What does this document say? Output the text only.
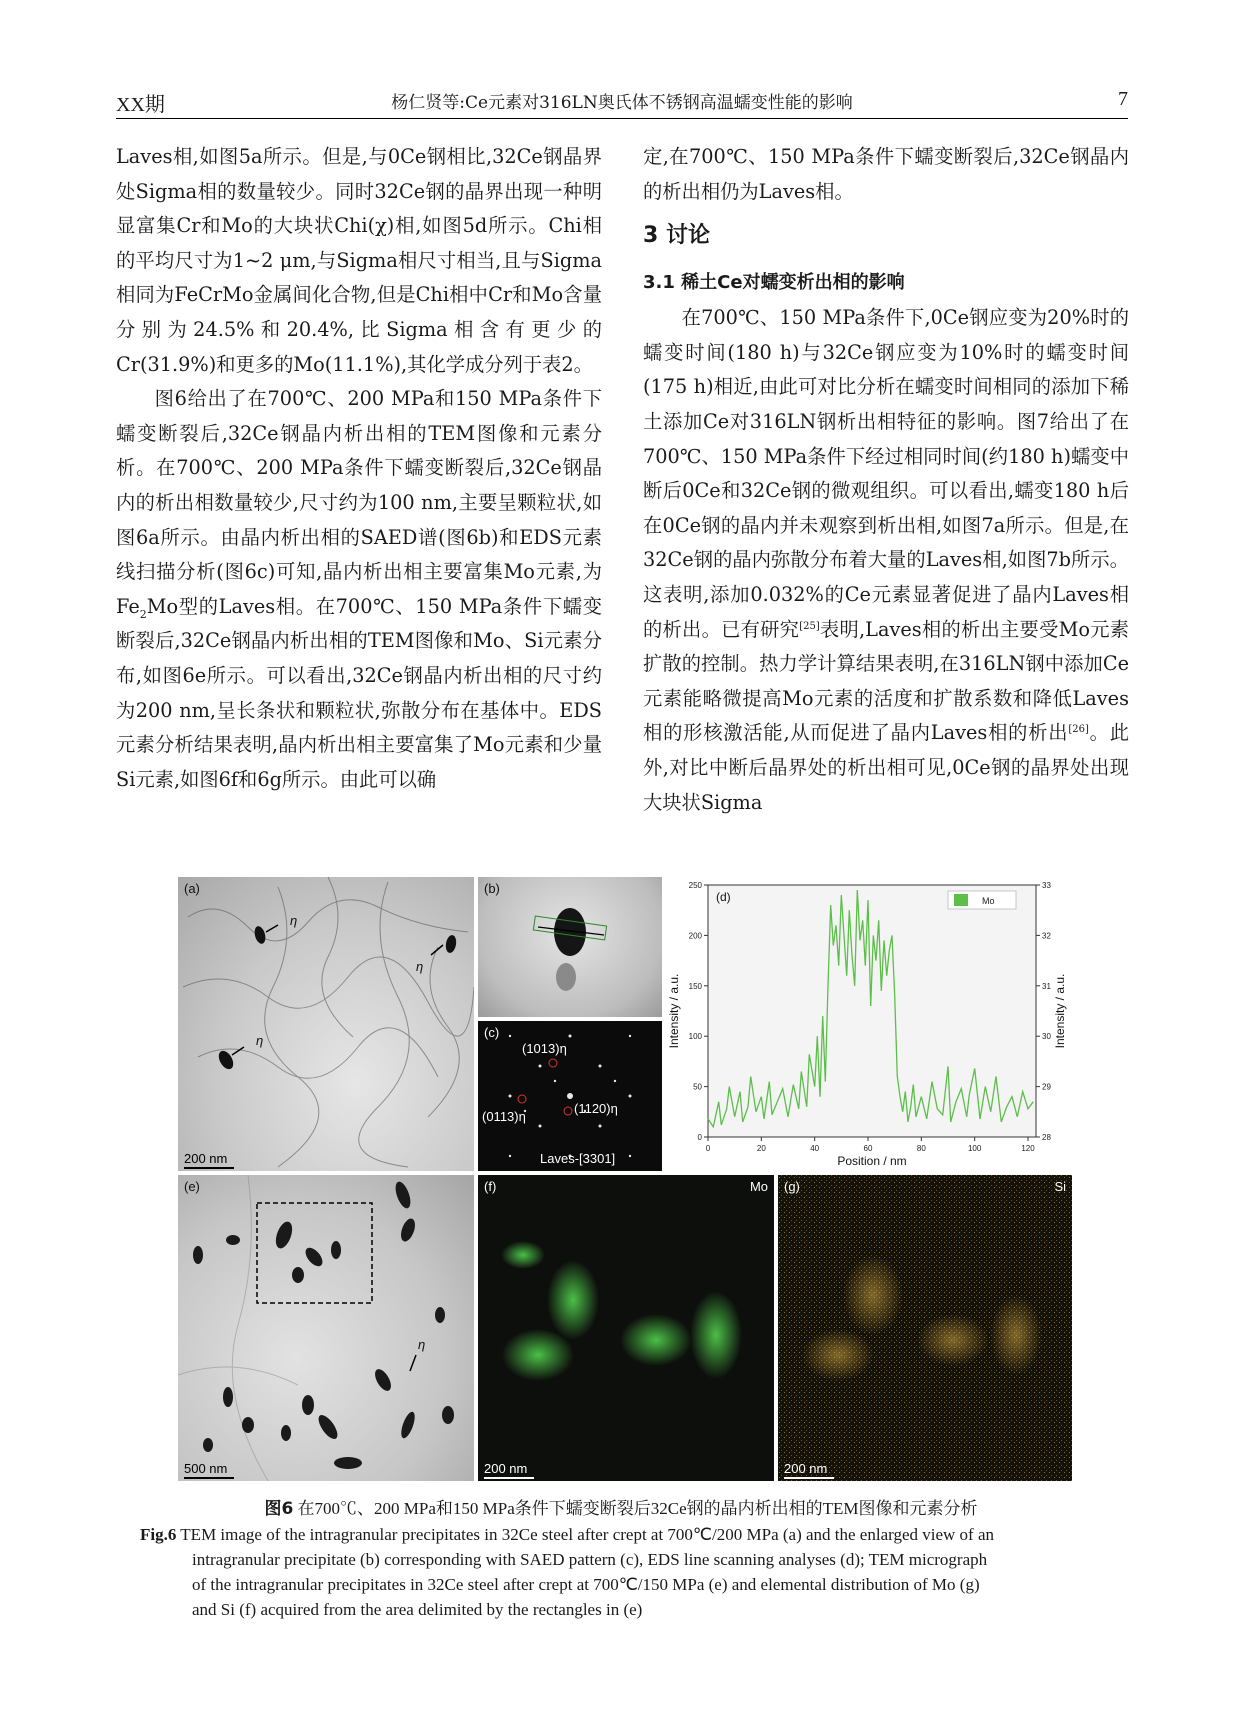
XX期	杨仁贤等:Ce元素对316LN奥氏体不锈钢高温蠕变性能的影响	7

Laves相,如图5a所示。但是,与0Ce钢相比,32Ce钢晶界处Sigma相的数量较少。同时32Ce钢的晶界出现一种明显富集Cr和Mo的大块状Chi(χ)相,如图5d所示。Chi相的平均尺寸为1~2 μm,与Sigma相尺寸相当,且与Sigma相同为FeCrMo金属间化合物,但是Chi相中Cr和Mo含量分别为24.5%和20.4%,比Sigma相含有更少的Cr(31.9%)和更多的Mo(11.1%),其化学成分列于表2。

图6给出了在700℃、200 MPa和150 MPa条件下蠕变断裂后,32Ce钢晶内析出相的TEM图像和元素分析。在700℃、200 MPa条件下蠕变断裂后,32Ce钢晶内的析出相数量较少,尺寸约为100 nm,主要呈颗粒状,如图6a所示。由晶内析出相的SAED谱(图6b)和EDS元素线扫描分析(图6c)可知,晶内析出相主要富集Mo元素,为$Fe_2Mo$型的Laves相。在700℃、150 MPa条件下蠕变断裂后,32Ce钢晶内析出相的TEM图像和Mo、Si元素分布,如图6e所示。可以看出,32Ce钢晶内析出相的尺寸约为200 nm,呈长条状和颗粒状,弥散分布在基体中。EDS元素分析结果表明,晶内析出相主要富集了Mo元素和少量Si元素,如图6f和6g所示。由此可以确

定,在700℃、150 MPa条件下蠕变断裂后,32Ce钢晶内的析出相仍为Laves相。

3 讨论

3.1 稀土Ce对蠕变析出相的影响

在700℃、150 MPa条件下,0Ce钢应变为20%时的蠕变时间(180 h)与32Ce钢应变为10%时的蠕变时间(175 h)相近,由此可对比分析在蠕变时间相同的添加下稀土添加Ce对316LN钢析出相特征的影响。图7给出了在700℃、150 MPa条件下经过相同时间(约180 h)蠕变中断后0Ce和32Ce钢的微观组织。可以看出,蠕变180 h后在0Ce钢的晶内并未观察到析出相,如图7a所示。但是,在32Ce钢的晶内弥散分布着大量的Laves相,如图7b所示。这表明,添加0.032%的Ce元素显著促进了晶内Laves相的析出。已有研究[25]表明,Laves相的析出主要受Mo元素扩散的控制。热力学计算结果表明,在316LN钢中添加Ce元素能略微提高Mo元素的活度和扩散系数和降低Laves相的形核激活能,从而促进了晶内Laves相的析出[26]。此外,对比中断后晶界处的析出相可见,0Ce钢的晶界处出现大块状Sigma

(a)
η
η
η
200 nm
(b)
(c)
(1013)η
(0113)η
(1120)η
Laves-[3301]
0	20	40	60	80	100	120
0
50
100
150
200
250
28
29
30
31
32
33
Mo
(d)
Position / nm
Intensity / a.u.	Intensity / a.u.
(e)
η
500 nm
(f)	Mo
200 nm
(g)	Si
200 nm
图6 在700℃、200 MPa和150 MPa条件下蠕变断裂后32Ce钢的晶内析出相的TEM图像和元素分析
Fig.6 TEM image of the intragranular precipitates in 32Ce steel after crept at 700℃/200 MPa (a) and the enlarged view of an
intragranular precipitate (b) corresponding with SAED pattern (c), EDS line scanning analyses (d); TEM micrograph
of the intragranular precipitates in 32Ce steel after crept at 700℃/150 MPa (e) and elemental distribution of Mo (g)
and Si (f) acquired from the area delimited by the rectangles in (e)
